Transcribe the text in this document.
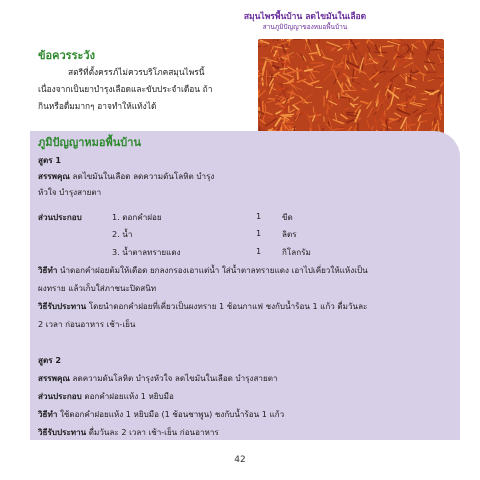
สมุนไพรพื้นบ้าน ลดไขมันในเลือด
สานภูมิปัญญาของหมอพื้นบ้าน
ข้อควรระวัง
สตรีที่ตั้งครรภ์ไม่ควรบริโภคสมุนไพรนี้
เนื่องจากเป็นยาบำรุงเลือดและขับประจำเดือน ถ้า
กินหรือดื่มมากๆ อาจทำให้แท้งได้
ภูมิปัญญาหมอพื้นบ้าน
สูตร 1
สรรพคุณ ลดไขมันในเลือด ลดความดันโลหิต บำรุง
หัวใจ บำรุงสายตา
ส่วนประกอบ	1. ดอกคำฝอย	1	ขีด
2. น้ำ	1	ลิตร
3. น้ำตาลทรายแดง	1	กิโลกรัม
วิธีทำ นำดอกคำฝอยต้มให้เดือด ยกลงกรองเอาแต่น้ำ ใส่น้ำตาลทรายแดง เอาไปเคี่ยวให้แห้งเป็น
ผงทราย แล้วเก็บใส่ภาชนะปิดสนิท
วิธีรับประทาน โดยนำดอกคำฝอยที่เคี่ยวเป็นผงทราย 1 ช้อนกาแฟ ชงกับน้ำร้อน 1 แก้ว ดื่มวันละ
2 เวลา ก่อนอาหาร เช้า-เย็น
สูตร 2
สรรพคุณ ลดความดันโลหิต บำรุงหัวใจ ลดไขมันในเลือด บำรุงสายตา
ส่วนประกอบ ดอกคำฝอยแห้ง 1 หยิบมือ
วิธีทำ ใช้ดอกคำฝอยแห้ง 1 หยิบมือ (1 ช้อนชาพูน) ชงกับน้ำร้อน 1 แก้ว
วิธีรับประทาน ดื่มวันละ 2 เวลา เช้า-เย็น ก่อนอาหาร
42
